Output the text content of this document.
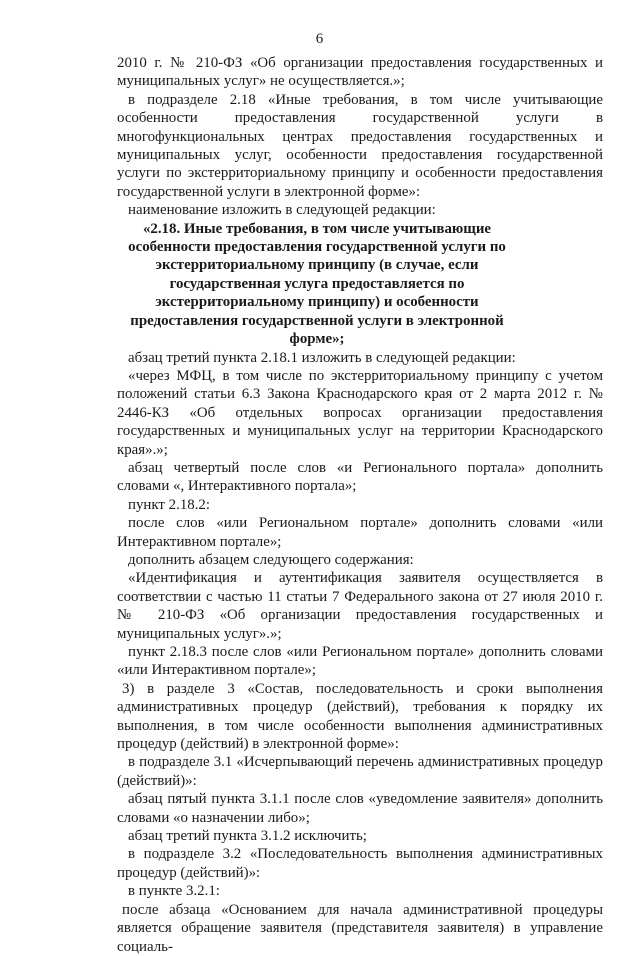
6

2010 г. № 210-ФЗ «Об организации предоставления государственных и муниципальных услуг» не осуществляется.»;

в подразделе 2.18 «Иные требования, в том числе учитывающие особенности предоставления государственной услуги в многофункциональных центрах предоставления государственных и муниципальных услуг, особенности предоставления государственной услуги по экстерриториальному принципу и особенности предоставления государственной услуги в электронной форме»:

наименование изложить в следующей редакции:

«2.18. Иные требования, в том числе учитывающие особенности предоставления государственной услуги по экстерриториальному принципу (в случае, если государственная услуга предоставляется по экстерриториальному принципу) и особенности предоставления государственной услуги в электронной форме»;

абзац третий пункта 2.18.1 изложить в следующей редакции:

«через МФЦ, в том числе по экстерриториальному принципу с учетом положений статьи 6.3 Закона Краснодарского края от 2 марта 2012 г. № 2446-КЗ «Об отдельных вопросах организации предоставления государственных и муниципальных услуг на территории Краснодарского края».»;

абзац четвертый после слов «и Регионального портала» дополнить словами «, Интерактивного портала»;

пункт 2.18.2:

после слов «или Региональном портале» дополнить словами «или Интерактивном портале»;

дополнить абзацем следующего содержания:

«Идентификация и аутентификация заявителя осуществляется в соответствии с частью 11 статьи 7 Федерального закона от 27 июля 2010 г. № 210-ФЗ «Об организации предоставления государственных и муниципальных услуг».»;

пункт 2.18.3 после слов «или Региональном портале» дополнить словами «или Интерактивном портале»;

3) в разделе 3 «Состав, последовательность и сроки выполнения административных процедур (действий), требования к порядку их выполнения, в том числе особенности выполнения административных процедур (действий) в электронной форме»:

в подразделе 3.1 «Исчерпывающий перечень административных процедур (действий)»:

абзац пятый пункта 3.1.1 после слов «уведомление заявителя» дополнить словами «о назначении либо»;

абзац третий пункта 3.1.2 исключить;

в подразделе 3.2 «Последовательность выполнения административных процедур (действий)»:

в пункте 3.2.1:

после абзаца «Основанием для начала административной процедуры является обращение заявителя (представителя заявителя) в управление социаль-
